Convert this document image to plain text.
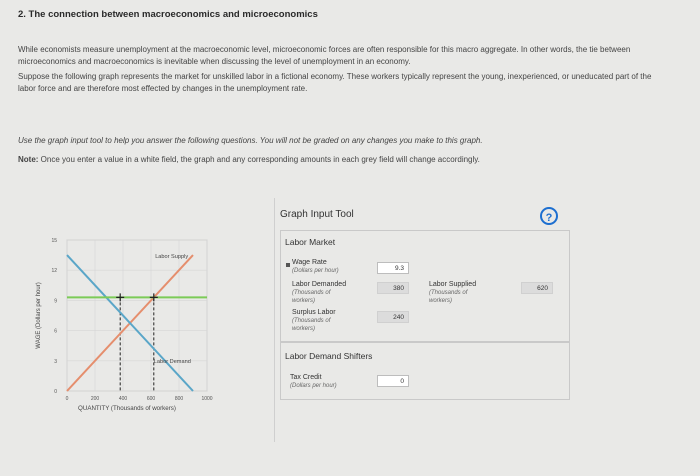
2. The connection between macroeconomics and microeconomics
While economists measure unemployment at the macroeconomic level, microeconomic forces are often responsible for this macro aggregate. In other words, the tie between microeconomics and macroeconomics is inevitable when discussing the level of unemployment in an economy.
Suppose the following graph represents the market for unskilled labor in a fictional economy. These workers typically represent the young, inexperienced, or uneducated part of the labor force and are therefore most effected by changes in the unemployment rate.
Use the graph input tool to help you answer the following questions. You will not be graded on any changes you make to this graph.
Note: Once you enter a value in a white field, the graph and any corresponding amounts in each grey field will change accordingly.
0
3
6
9
12
15
0	200	400	600	800	1000
QUANTITY (Thousands of workers)
WAGE (Dollars per hour)
Labor Supply
Labor Demand
Graph Input Tool	?
Labor Market
Wage Rate
(Dollars per hour)	9.3
Labor Demanded
(Thousands of
workers)
380
Labor Supplied
(Thousands of
workers)
620
Surplus Labor
(Thousands of
workers)
240
Labor Demand Shifters
Tax Credit
(Dollars per hour)
0
